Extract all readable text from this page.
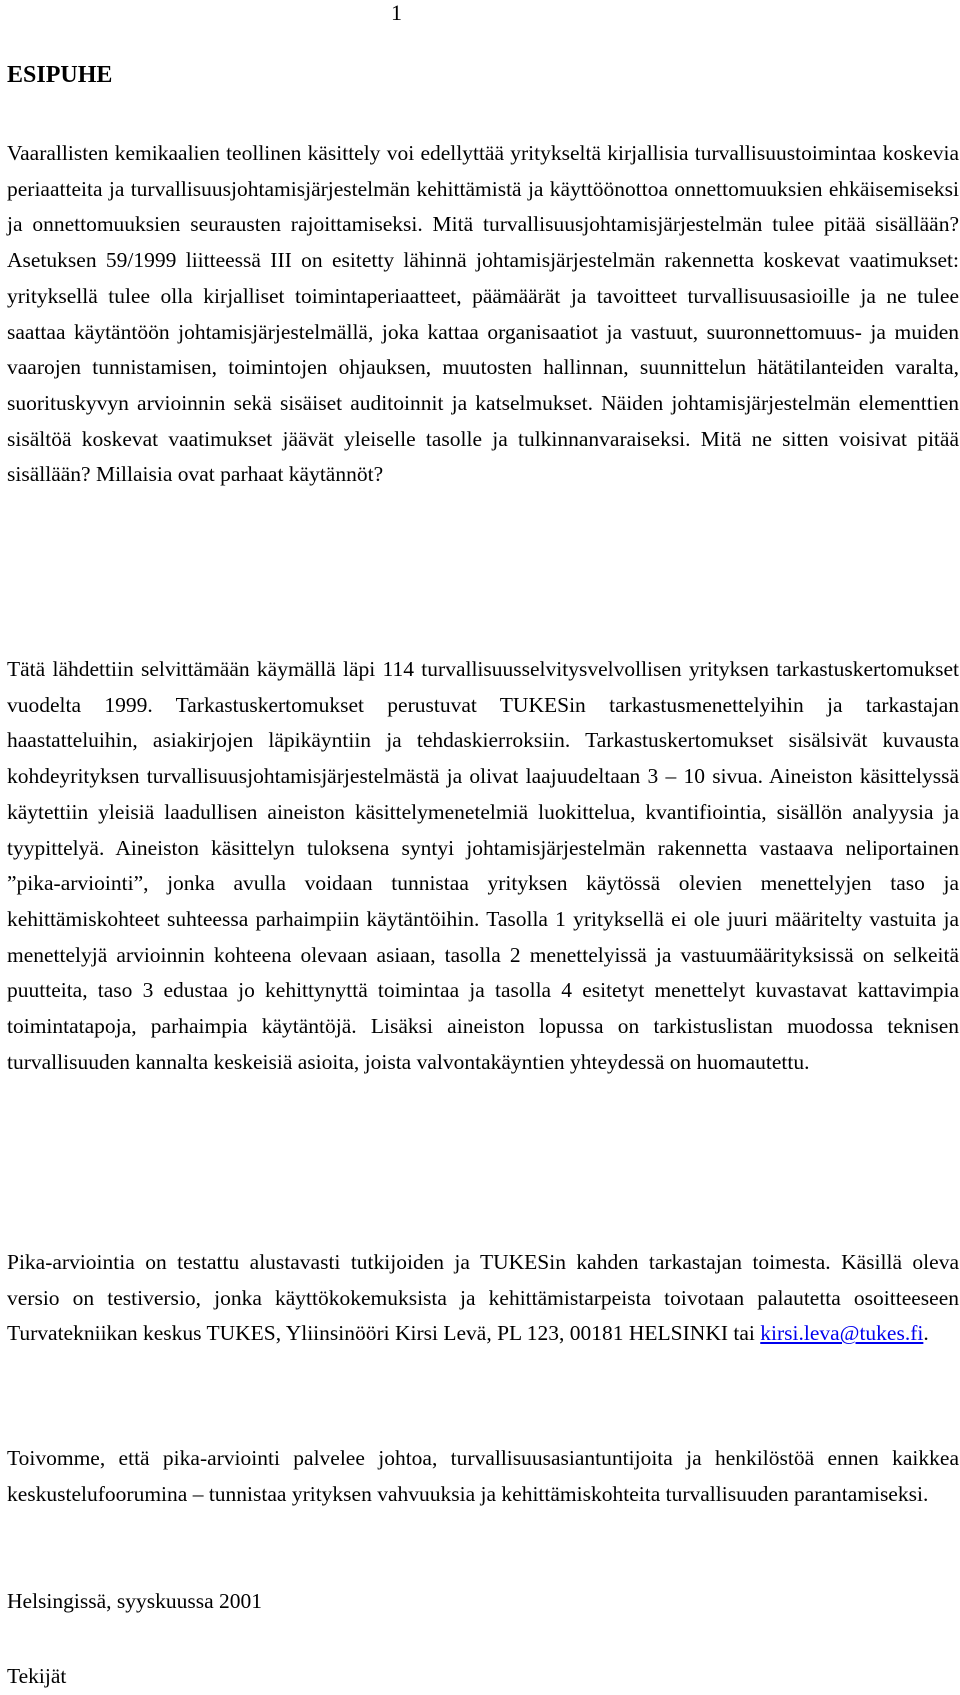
1
ESIPUHE

Vaarallisten kemikaalien teollinen käsittely voi edellyttää yritykseltä kirjallisia turvallisuustoimintaa koskevia periaatteita ja turvallisuusjohtamisjärjestelmän kehittämistä ja käyttöönottoa onnettomuuksien ehkäisemiseksi ja onnettomuuksien seurausten rajoittamiseksi. Mitä turvallisuusjohtamisjärjestelmän tulee pitää sisällään? Asetuksen 59/1999 liitteessä III on esitetty lähinnä johtamisjärjestelmän rakennetta koskevat vaatimukset: yrityksellä tulee olla kirjalliset toimintaperiaatteet, päämäärät ja tavoitteet turvallisuusasioille ja ne tulee saattaa käytäntöön johtamisjärjestelmällä, joka kattaa organisaatiot ja vastuut, suuronnettomuus- ja muiden vaarojen tunnistamisen, toimintojen ohjauksen, muutosten hallinnan, suunnittelun hätätilanteiden varalta, suorituskyvyn arvioinnin sekä sisäiset auditoinnit ja katselmukset. Näiden johtamisjärjestelmän elementtien sisältöä koskevat vaatimukset jäävät yleiselle tasolle ja tulkinnanvaraiseksi. Mitä ne sitten voisivat pitää sisällään? Millaisia ovat parhaat käytännöt?

Tätä lähdettiin selvittämään käymällä läpi 114 turvallisuusselvitysvelvollisen yrityksen tarkastuskertomukset vuodelta 1999. Tarkastuskertomukset perustuvat TUKESin tarkastusmenettelyihin ja tarkastajan haastatteluihin, asiakirjojen läpikäyntiin ja tehdaskierroksiin. Tarkastuskertomukset sisälsivät kuvausta kohdeyrityksen turvallisuusjohtamisjärjestelmästä ja olivat laajuudeltaan 3 – 10 sivua. Aineiston käsittelyssä käytettiin yleisiä laadullisen aineiston käsittelymenetelmiä luokittelua, kvantifiointia, sisällön analyysia ja tyypittelyä. Aineiston käsittelyn tuloksena syntyi johtamisjärjestelmän rakennetta vastaava neliportainen ”pika-arviointi”, jonka avulla voidaan tunnistaa yrityksen käytössä olevien menettelyjen taso ja kehittämiskohteet suhteessa parhaimpiin käytäntöihin. Tasolla 1 yrityksellä ei ole juuri määritelty vastuita ja menettelyjä arvioinnin kohteena olevaan asiaan, tasolla 2 menettelyissä ja vastuumäärityksissä on selkeitä puutteita, taso 3 edustaa jo kehittynyttä toimintaa ja tasolla 4 esitetyt menettelyt kuvastavat kattavimpia toimintatapoja, parhaimpia käytäntöjä. Lisäksi aineiston lopussa on tarkistuslistan muodossa teknisen turvallisuuden kannalta keskeisiä asioita, joista valvontakäyntien yhteydessä on huomautettu.

Pika-arviointia on testattu alustavasti tutkijoiden ja TUKESin kahden tarkastajan toimesta. Käsillä oleva versio on testiversio, jonka käyttökokemuksista ja kehittämistarpeista toivotaan palautetta osoitteeseen Turvatekniikan keskus TUKES, Yliinsinööri Kirsi Levä, PL 123, 00181 HELSINKI tai kirsi.leva@tukes.fi.

Toivomme, että pika-arviointi palvelee johtoa, turvallisuusasiantuntijoita ja henkilöstöä ennen kaikkea keskustelufoorumina – tunnistaa yrityksen vahvuuksia ja kehittämiskohteita turvallisuuden parantamiseksi.

Helsingissä, syyskuussa 2001

Tekijät
